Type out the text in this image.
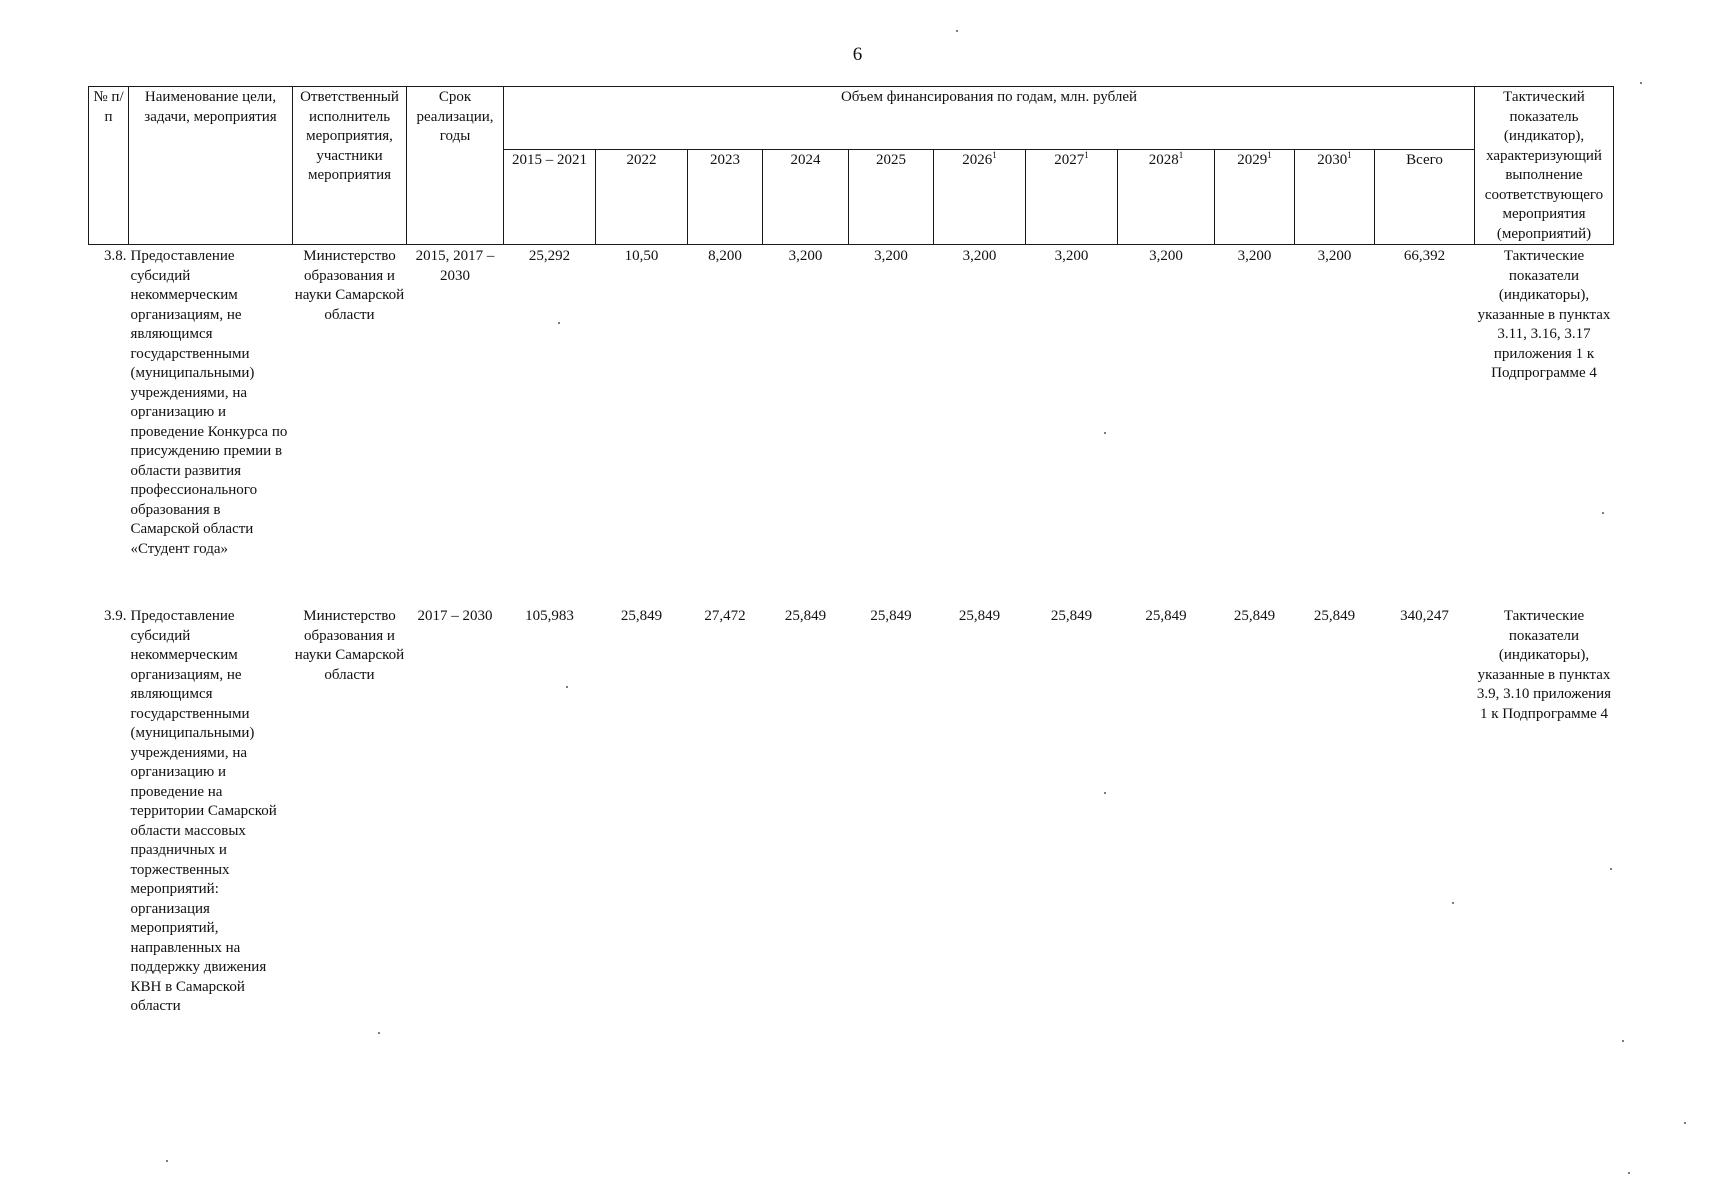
6
№ п/п	Наименование цели, задачи, мероприятия	Ответственный исполнитель мероприятия, участники мероприятия	Срок реализации, годы	Объем финансирования по годам, млн. рублей											Тактический показатель (индикатор), характеризующий выполнение соответствующего мероприятия (мероприятий)
				2015 – 2021	2022	2023	2024	2025	2026$^1$	2027$^1$	2028$^1$	2029$^1$	2030$^1$	Всего	
3.8.	Предоставление субсидий некоммерческим организациям, не являющимся государственными (муниципальными) учреждениями, на организацию и проведение Конкурса по присуждению премии в области развития профессионального образования в Самарской области «Студент года»	Министерство образования и науки Самарской области	2015, 2017 – 2030	25,292	10,50	8,200	3,200	3,200	3,200	3,200	3,200	3,200	3,200	66,392	Тактические показатели (индикаторы), указанные в пунктах 3.11, 3.16, 3.17 приложения 1 к Подпрограмме 4
3.9.	Предоставление субсидий некоммерческим организациям, не являющимся государственными (муниципальными) учреждениями, на организацию и проведение на территории Самарской области массовых праздничных и торжественных мероприятий: организация мероприятий, направленных на поддержку движения КВН в Самарской области	Министерство образования и науки Самарской области	2017 – 2030	105,983	25,849	27,472	25,849	25,849	25,849	25,849	25,849	25,849	25,849	340,247	Тактические показатели (индикаторы), указанные в пунктах 3.9, 3.10 приложения 1 к Подпрограмме 4
